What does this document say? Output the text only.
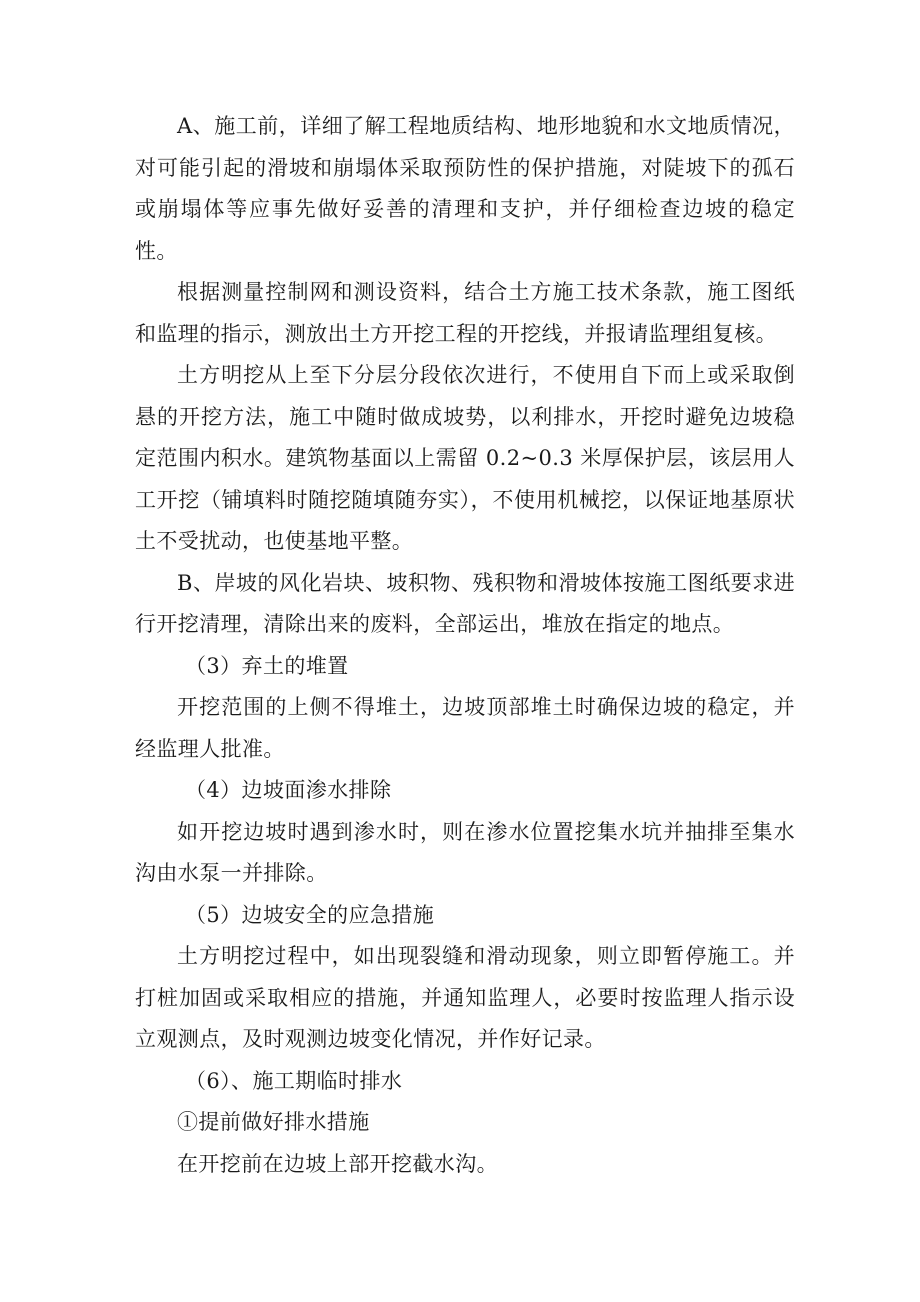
A、施工前，详细了解工程地质结构、地形地貌和水文地质情况，对可能引起的滑坡和崩塌体采取预防性的保护措施，对陡坡下的孤石或崩塌体等应事先做好妥善的清理和支护，并仔细检查边坡的稳定性。

根据测量控制网和测设资料，结合土方施工技术条款，施工图纸和监理的指示，测放出土方开挖工程的开挖线，并报请监理组复核。

土方明挖从上至下分层分段依次进行，不使用自下而上或采取倒悬的开挖方法，施工中随时做成坡势，以利排水，开挖时避免边坡稳定范围内积水。建筑物基面以上需留 0.2~0.3 米厚保护层，该层用人工开挖（铺填料时随挖随填随夯实），不使用机械挖，以保证地基原状土不受扰动，也使基地平整。

B、岸坡的风化岩块、坡积物、残积物和滑坡体按施工图纸要求进行开挖清理，清除出来的废料，全部运出，堆放在指定的地点。

（3）弃土的堆置

开挖范围的上侧不得堆土，边坡顶部堆土时确保边坡的稳定，并经监理人批准。

（4）边坡面渗水排除

如开挖边坡时遇到渗水时，则在渗水位置挖集水坑并抽排至集水沟由水泵一并排除。

（5）边坡安全的应急措施

土方明挖过程中，如出现裂缝和滑动现象，则立即暂停施工。并打桩加固或采取相应的措施，并通知监理人，必要时按监理人指示设立观测点，及时观测边坡变化情况，并作好记录。

（6）、施工期临时排水

①提前做好排水措施

在开挖前在边坡上部开挖截水沟。
